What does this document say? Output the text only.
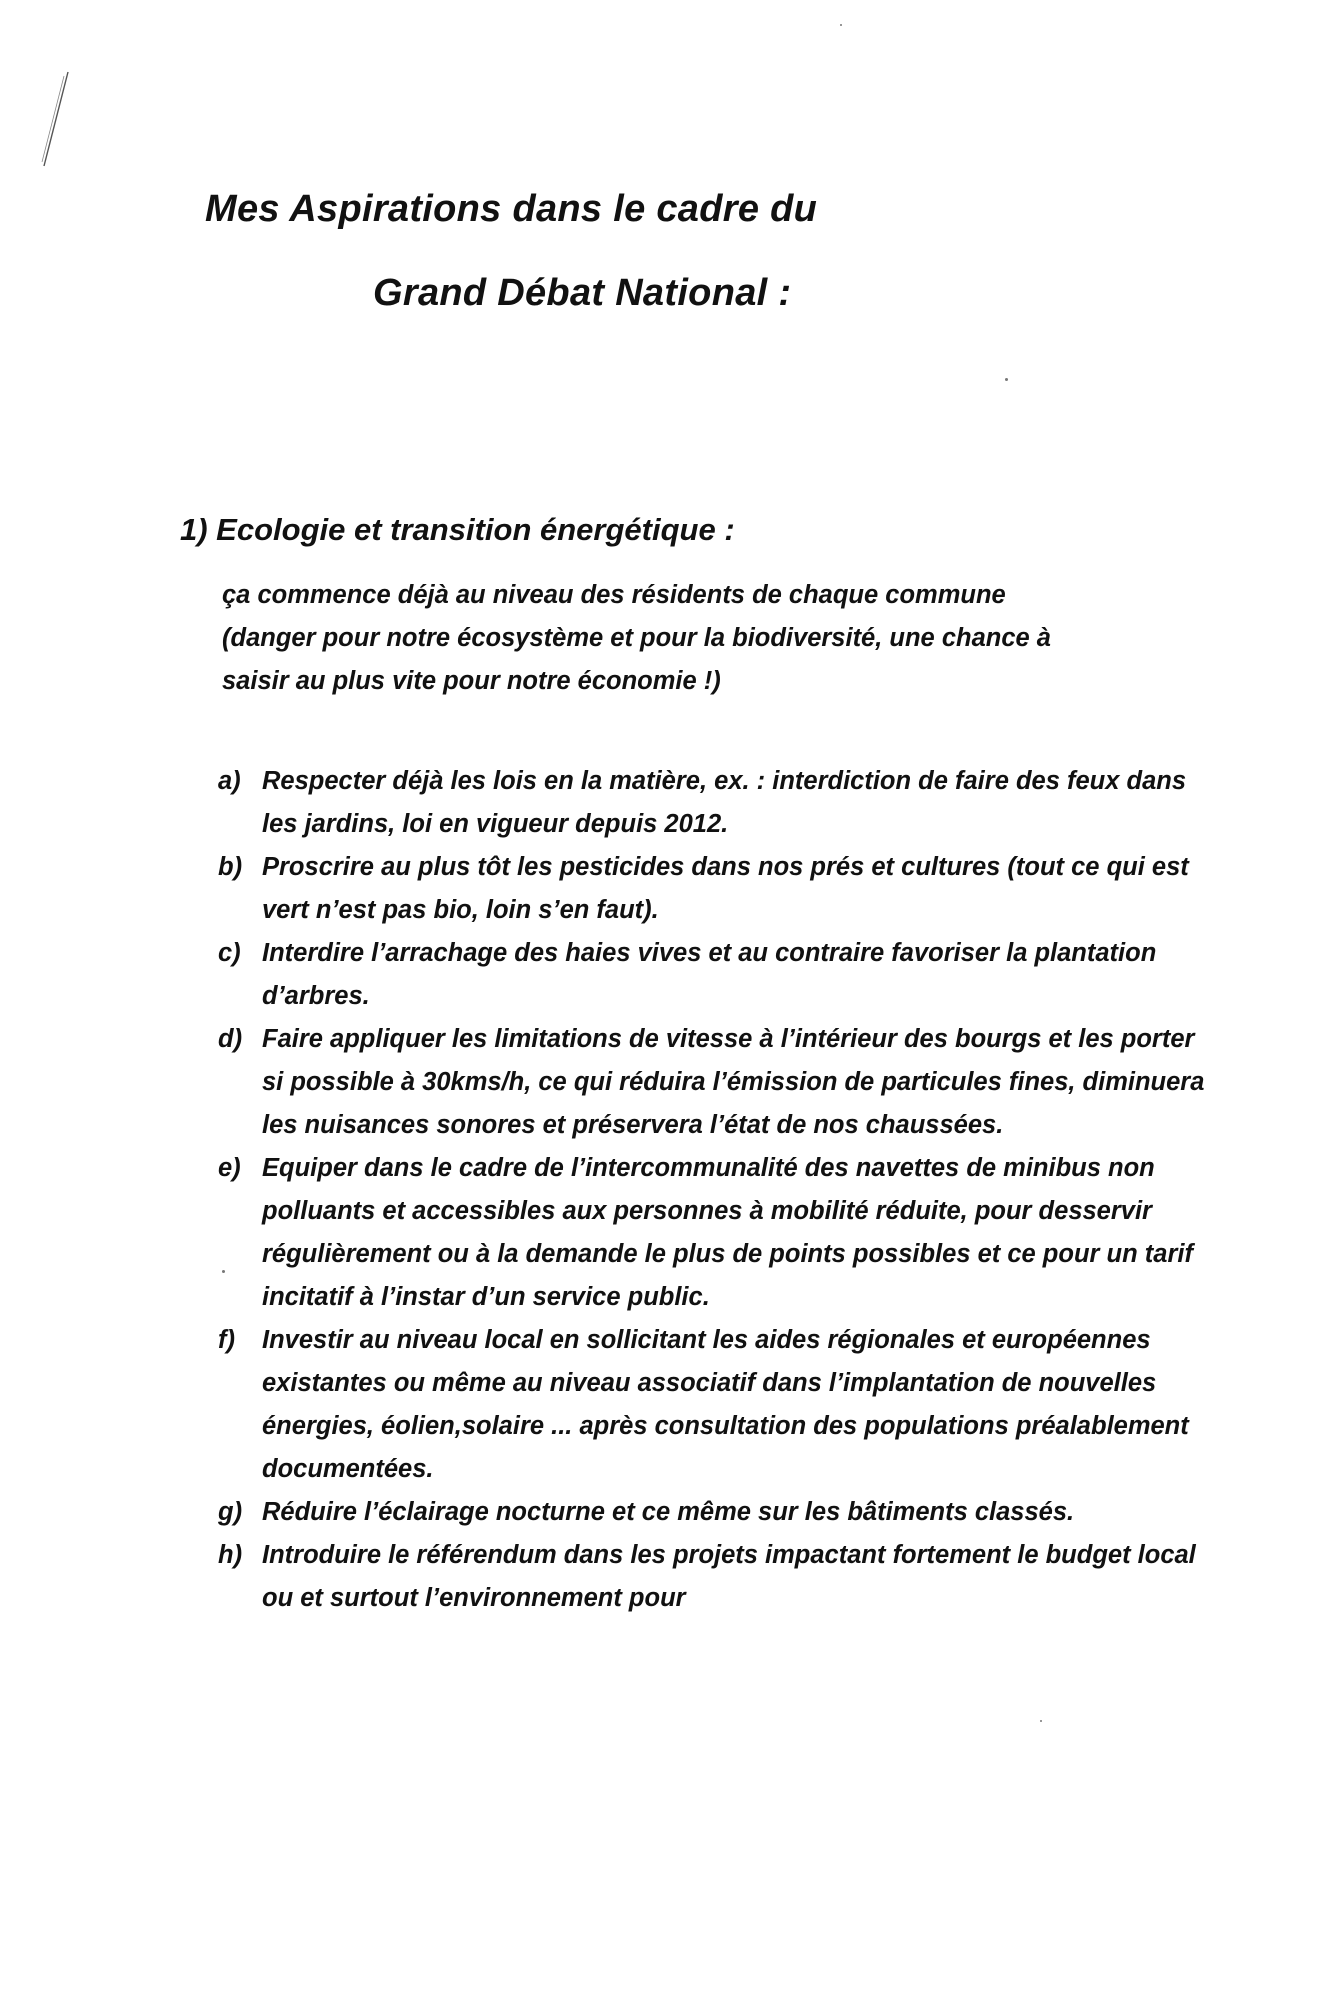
Mes Aspirations dans le cadre du
Grand Débat National :
1) Ecologie et transition énergétique :
ça commence déjà au niveau des résidents de chaque commune (danger pour notre écosystème et pour la biodiversité, une chance à saisir au plus vite pour notre économie !)
a) Respecter déjà les lois en la matière, ex. : interdiction de faire des feux dans les jardins, loi en vigueur depuis 2012.
b) Proscrire au plus tôt les pesticides dans nos prés et cultures (tout ce qui est vert n’est pas bio, loin s’en faut).
c) Interdire l’arrachage des haies vives et au contraire favoriser la plantation d’arbres.
d) Faire appliquer les limitations de vitesse à l’intérieur des bourgs et les porter si possible à 30kms/h, ce qui réduira l’émission de particules fines, diminuera les nuisances sonores et préservera l’état de nos chaussées.
e) Equiper dans le cadre de l’intercommunalité des navettes de minibus non polluants et accessibles aux personnes à mobilité réduite, pour desservir régulièrement ou à la demande le plus de points possibles et ce pour un tarif incitatif à l’instar d’un service public.
f) Investir au niveau local en sollicitant les aides régionales et européennes existantes ou même au niveau associatif dans l’implantation de nouvelles énergies, éolien,solaire ... après consultation des populations préalablement documentées.
g) Réduire l’éclairage nocturne et ce même sur les bâtiments classés.
h) Introduire le référendum dans les projets impactant fortement le budget local ou et surtout l’environnement pour
